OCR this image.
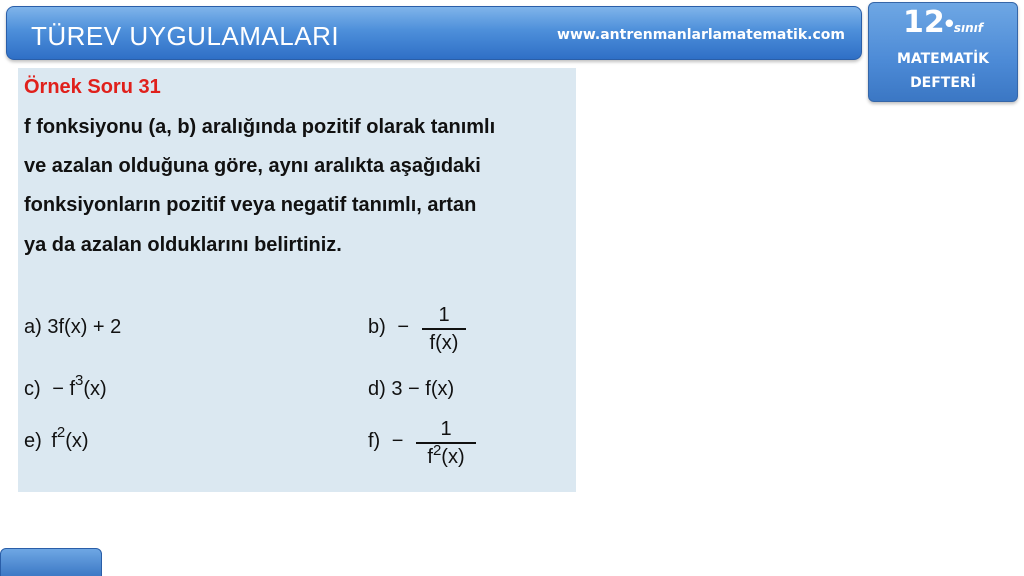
TÜREV UYGULAMALARI	www.antrenmanlarlamatematik.com	12•sınıf
MATEMATİK
DEFTERİ
Örnek Soru 31
f fonksiyonu (a, b) aralığında pozitif olarak tanımlı
ve azalan olduğuna göre, aynı aralıkta aşağıdaki
fonksiyonların pozitif veya negatif tanımlı, artan
ya da azalan olduklarını belirtiniz.
a) 3f(x) + 2	b) −
1
f(x)
$c) - f^3(x)$	d) 3 − f(x)
e) $f^2(x)$	f) −
1
$f^2(x)$
